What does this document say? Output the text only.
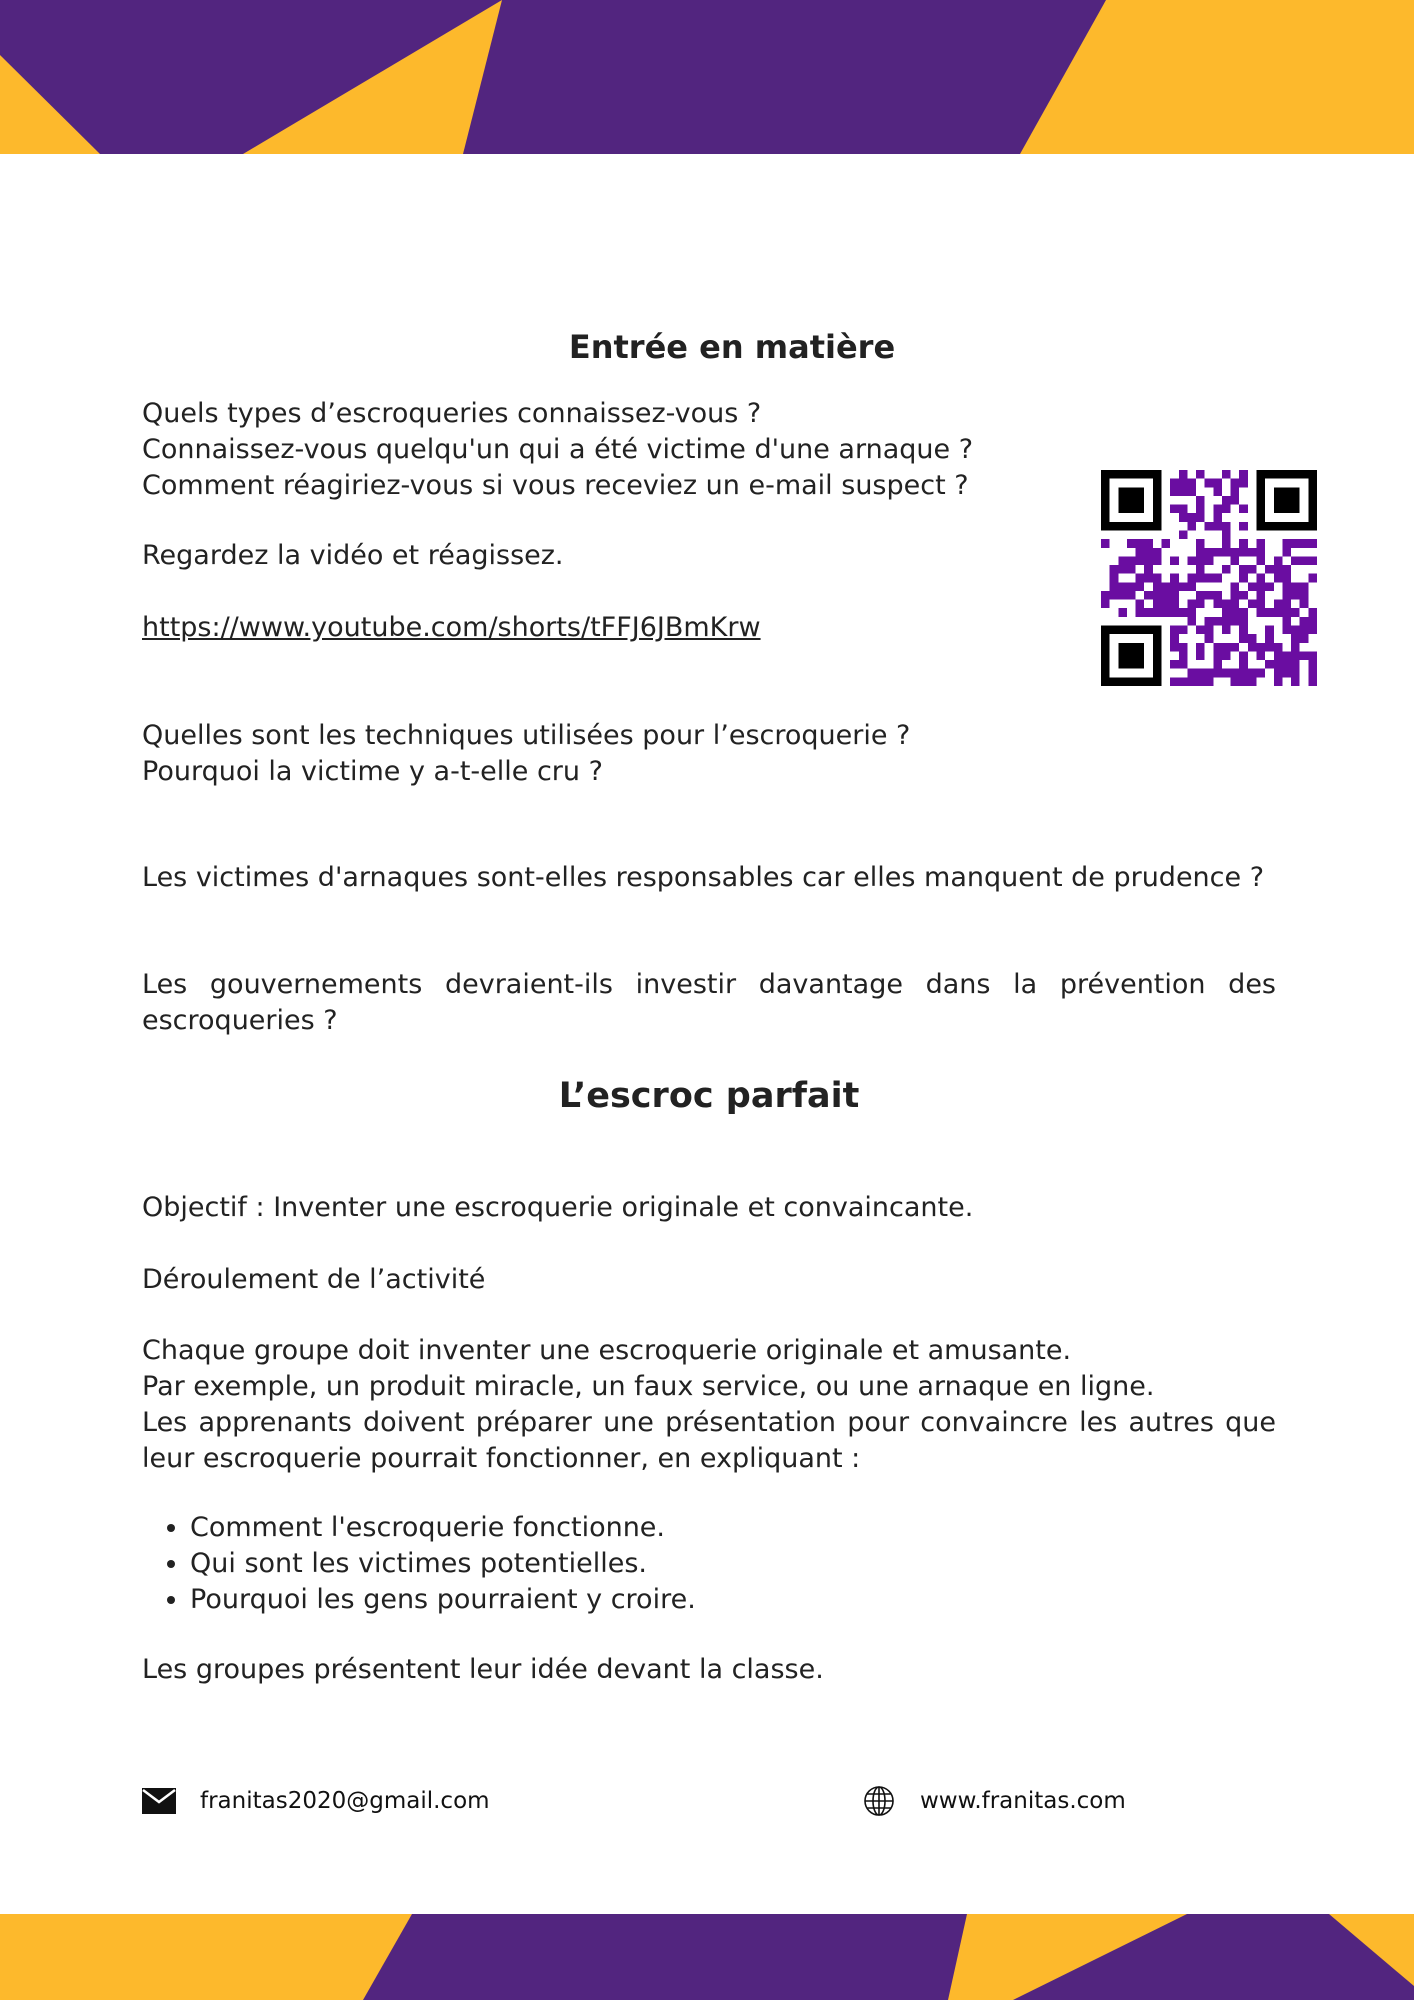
Entrée en matière

Quels types d’escroqueries connaissez-vous ?
Connaissez-vous quelqu'un qui a été victime d'une arnaque ?
Comment réagiriez-vous si vous receviez un e-mail suspect ?

Regardez la vidéo et réagissez.

https://www.youtube.com/shorts/tFFJ6JBmKrw

Quelles sont les techniques utilisées pour l’escroquerie ?
Pourquoi la victime y a-t-elle cru ?

Les victimes d'arnaques sont-elles responsables car elles manquent de prudence ?

Les gouvernements devraient-ils investir davantage dans la prévention des escroqueries ?

L’escroc parfait

Objectif : Inventer une escroquerie originale et convaincante.

Déroulement de l’activité

Chaque groupe doit inventer une escroquerie originale et amusante.
Par exemple, un produit miracle, un faux service, ou une arnaque en ligne.
Les apprenants doivent préparer une présentation pour convaincre les autres que leur escroquerie pourrait fonctionner, en expliquant :

• Comment l'escroquerie fonctionne.
• Qui sont les victimes potentielles.
• Pourquoi les gens pourraient y croire.

Les groupes présentent leur idée devant la classe.

franitas2020@gmail.com	www.franitas.com
